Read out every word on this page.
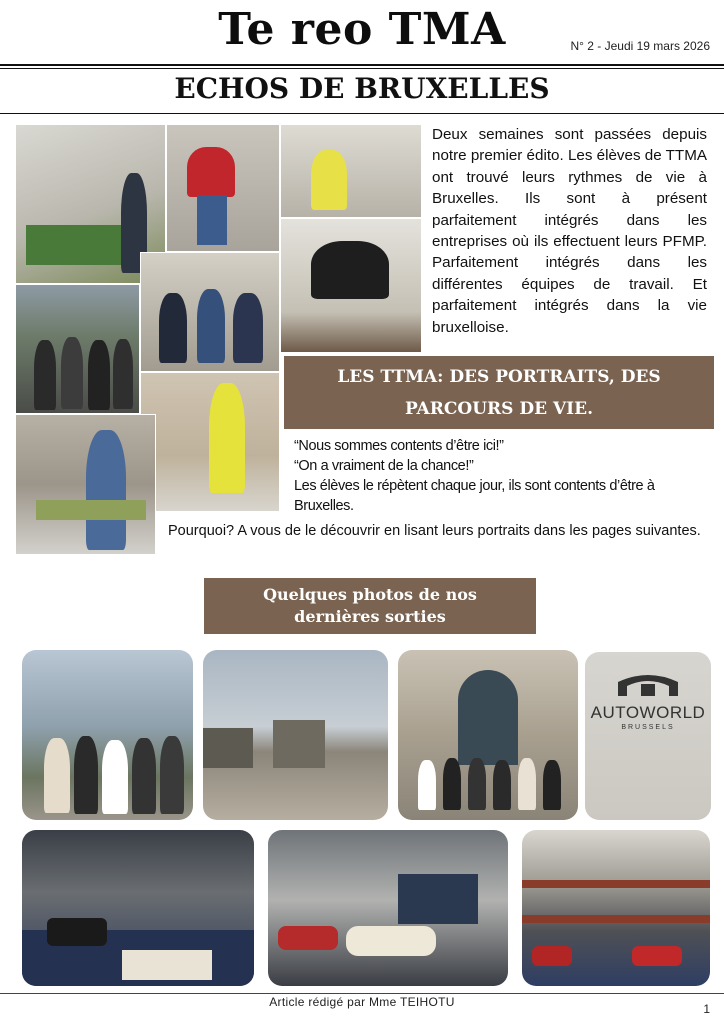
Te reo TMA	N° 2 - Jeudi 19 mars 2026
ECHOS DE BRUXELLES
Deux semaines sont passées depuis notre premier édito. Les élèves de TTMA ont trouvé leurs rythmes de vie à Bruxelles. Ils sont à présent parfaitement intégrés dans les entreprises où ils effectuent leurs PFMP. Parfaitement intégrés dans les différentes équipes de travail. Et parfaitement intégrés dans la vie bruxelloise.
LES TTMA: DES PORTRAITS, DES
PARCOURS DE VIE.
“Nous sommes contents d’être ici!”
“On a vraiment de la chance!”
Les élèves le répètent chaque jour, ils sont contents d’être à Bruxelles.
Pourquoi? A vous de le découvrir en lisant leurs portraits dans les pages suivantes.
Quelques photos de nos
dernières sorties
AUTOWORLD
BRUSSELS
Article rédigé par Mme TEIHOTU	1
